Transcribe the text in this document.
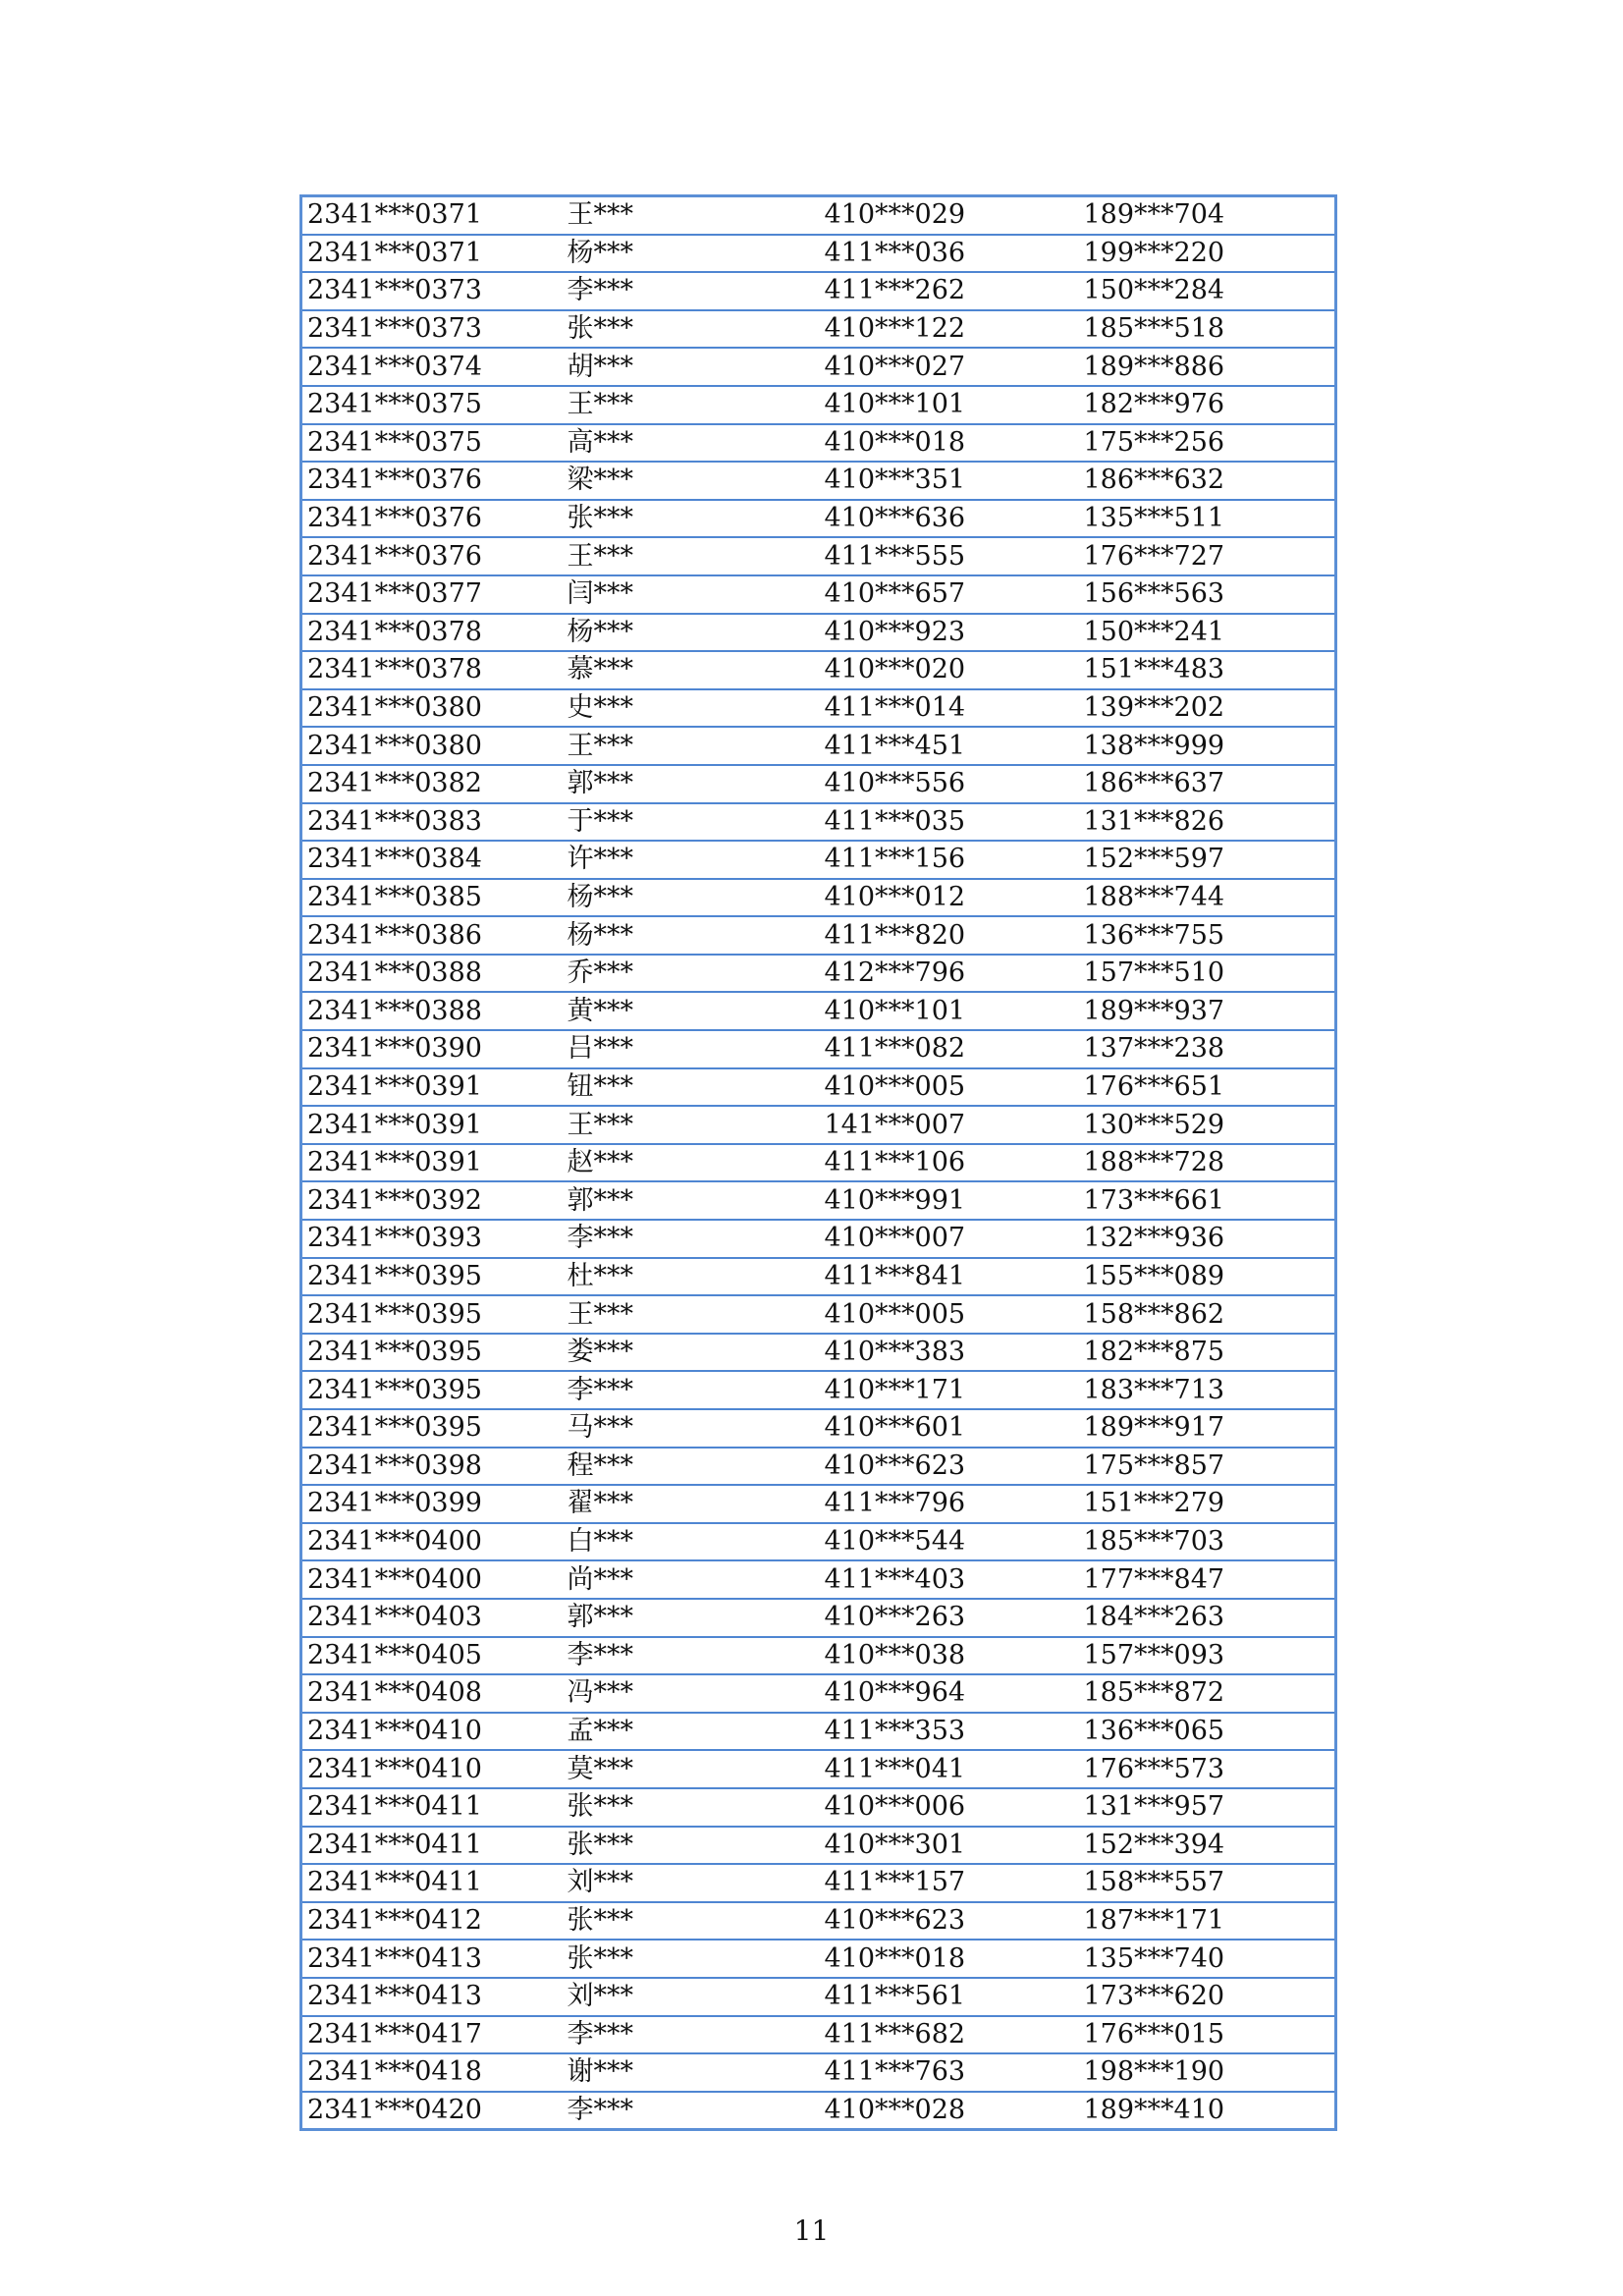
2341***0371	王***	410***029	189***704
2341***0371	杨***	411***036	199***220
2341***0373	李***	411***262	150***284
2341***0373	张***	410***122	185***518
2341***0374	胡***	410***027	189***886
2341***0375	王***	410***101	182***976
2341***0375	高***	410***018	175***256
2341***0376	梁***	410***351	186***632
2341***0376	张***	410***636	135***511
2341***0376	王***	411***555	176***727
2341***0377	闫***	410***657	156***563
2341***0378	杨***	410***923	150***241
2341***0378	慕***	410***020	151***483
2341***0380	史***	411***014	139***202
2341***0380	王***	411***451	138***999
2341***0382	郭***	410***556	186***637
2341***0383	于***	411***035	131***826
2341***0384	许***	411***156	152***597
2341***0385	杨***	410***012	188***744
2341***0386	杨***	411***820	136***755
2341***0388	乔***	412***796	157***510
2341***0388	黄***	410***101	189***937
2341***0390	吕***	411***082	137***238
2341***0391	钮***	410***005	176***651
2341***0391	王***	141***007	130***529
2341***0391	赵***	411***106	188***728
2341***0392	郭***	410***991	173***661
2341***0393	李***	410***007	132***936
2341***0395	杜***	411***841	155***089
2341***0395	王***	410***005	158***862
2341***0395	娄***	410***383	182***875
2341***0395	李***	410***171	183***713
2341***0395	马***	410***601	189***917
2341***0398	程***	410***623	175***857
2341***0399	翟***	411***796	151***279
2341***0400	白***	410***544	185***703
2341***0400	尚***	411***403	177***847
2341***0403	郭***	410***263	184***263
2341***0405	李***	410***038	157***093
2341***0408	冯***	410***964	185***872
2341***0410	孟***	411***353	136***065
2341***0410	莫***	411***041	176***573
2341***0411	张***	410***006	131***957
2341***0411	张***	410***301	152***394
2341***0411	刘***	411***157	158***557
2341***0412	张***	410***623	187***171
2341***0413	张***	410***018	135***740
2341***0413	刘***	411***561	173***620
2341***0417	李***	411***682	176***015
2341***0418	谢***	411***763	198***190
2341***0420	李***	410***028	189***410
11
